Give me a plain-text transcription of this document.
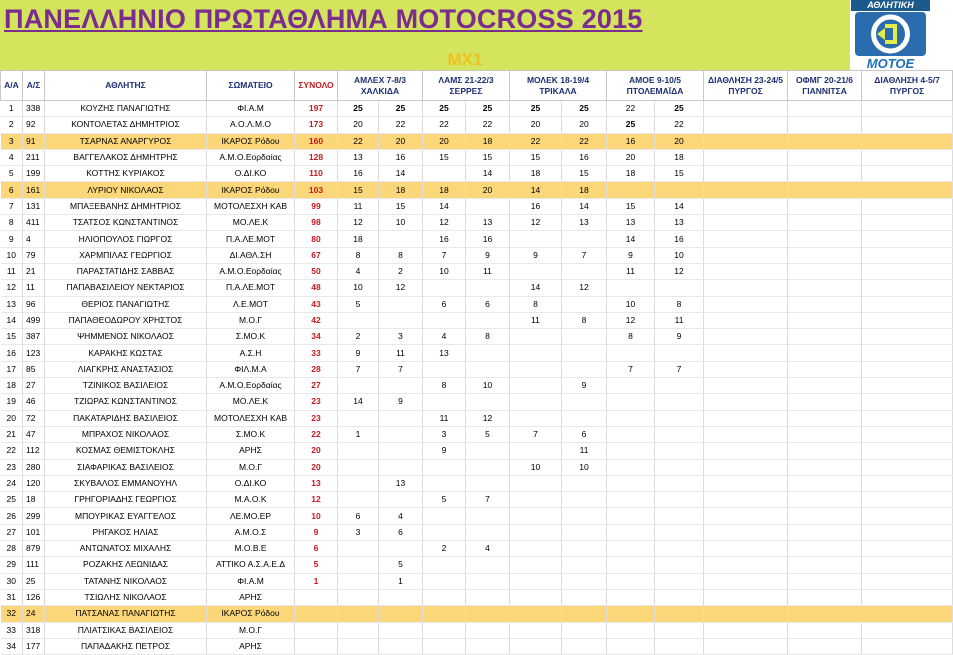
ΠΑΝΕΛΛΗΝΙΟ ΠΡΩΤΑΘΛΗΜΑ MOTOCROSS 2015
MX1
ΑΘΛΗΤΙΚΗ
ΜΟΤΟΕ
Α/Α	Α/Σ	ΑΘΛΗΤΗΣ	ΣΩΜΑΤΕΙΟ	ΣΥΝΟΛΟ	ΑΜΛΕΧ 7-8/3
ΧΑΛΚΙΔΑ		ΛΑΜΣ 21-22/3
ΣΕΡΡΕΣ		ΜΟΛΕΚ 18-19/4
ΤΡΙΚΑΛΑ		ΑΜΟΕ 9-10/5
ΠΤΟΛΕΜΑΪΔΑ		ΔΙΑΘΛΗΣΗ 23-24/5
ΠΥΡΓΟΣ	ΟΦΜΓ 20-21/6
ΓΙΑΝΝΙΤΣΑ	ΔΙΑΘΛΗΣΗ 4-5/7
ΠΥΡΓΟΣ
1	338	ΚΟΥΖΗΣ ΠΑΝΑΓΙΩΤΗΣ	ΦΙ.Α.Μ	197	25	25	25	25	25	25	22	25			
2	92	ΚΟΝΤΟΛΕΤΑΣ ΔΗΜΗΤΡΙΟΣ	Α.Ο.Λ.Μ.Ο	173	20	22	22	22	20	20	25	22			
3	91	ΤΣΑΡΝΑΣ ΑΝΑΡΓΥΡΟΣ	ΙΚΑΡΟΣ Ρόδου	160	22	20	20	18	22	22	16	20			
4	211	ΒΑΓΓΕΛΑΚΟΣ ΔΗΜΗΤΡΗΣ	Α.Μ.Ο.Εορδαίας	128	13	16	15	15	15	16	20	18			
5	199	ΚΟΤΤΗΣ ΚΥΡΙΑΚΟΣ	Ο.ΔΙ.ΚΟ	110	16	14		14	18	15	18	15			
6	161	ΛΥΡΙΟΥ ΝΙΚΟΛΑΟΣ	ΙΚΑΡΟΣ Ρόδου	103	15	18	18	20	14	18					
7	131	ΜΠΑΞΕΒΑΝΗΣ ΔΗΜΗΤΡΙΟΣ	ΜΟΤΟΛΕΣΧΗ ΚΑΒ	99	11	15	14		16	14	15	14			
8	411	ΤΣΑΤΣΟΣ ΚΩΝΣΤΑΝΤΙΝΟΣ	ΜΟ.ΛΕ.Κ	98	12	10	12	13	12	13	13	13			
9	4	ΗΛΙΟΠΟΥΛΟΣ ΓΙΩΡΓΟΣ	Π.Α.ΛΕ.ΜΟΤ	80	18		16	16			14	16			
10	79	ΧΑΡΜΠΙΛΑΣ ΓΕΩΡΓΙΟΣ	ΔΙ.ΑΘΛ.ΣΗ	67	8	8	7	9	9	7	9	10			
11	21	ΠΑΡΑΣΤΑΤΙΔΗΣ ΣΑΒΒΑΣ	Α.Μ.Ο.Εορδαίας	50	4	2	10	11			11	12			
12	11	ΠΑΠΑΒΑΣΙΛΕΙΟΥ ΝΕΚΤΑΡΙΟΣ	Π.Α.ΛΕ.ΜΟΤ	48	10	12			14	12					
13	96	ΘΕΡΙΟΣ ΠΑΝΑΓΙΩΤΗΣ	Λ.Ε.ΜΟΤ	43	5		6	6	8		10	8			
14	499	ΠΑΠΑΘΕΟΔΩΡΟΥ ΧΡΗΣΤΟΣ	Μ.Ο.Γ	42					11	8	12	11			
15	387	ΨΗΜΜΕΝΟΣ ΝΙΚΟΛΑΟΣ	Σ.ΜΟ.Κ	34	2	3	4	8			8	9			
16	123	ΚΑΡΑΚΗΣ ΚΩΣΤΑΣ	Α.Σ.Η	33	9	11	13								
17	85	ΛΙΑΓΚΡΗΣ ΑΝΑΣΤΑΣΙΟΣ	ΦΙΛ.Μ.Α	28	7	7					7	7			
18	27	ΤΖΙΝΙΚΟΣ ΒΑΣΙΛΕΙΟΣ	Α.Μ.Ο.Εορδαίας	27			8	10		9					
19	46	ΤΖΙΩΡΑΣ ΚΩΝΣΤΑΝΤΙΝΟΣ	ΜΟ.ΛΕ.Κ	23	14	9									
20	72	ΠΑΚΑΤΑΡΙΔΗΣ ΒΑΣΙΛΕΙΟΣ	ΜΟΤΟΛΕΣΧΗ ΚΑΒ	23			11	12							
21	47	ΜΠΡΑΧΟΣ ΝΙΚΟΛΑΟΣ	Σ.ΜΟ.Κ	22	1		3	5	7	6					
22	112	ΚΟΣΜΑΣ ΘΕΜΙΣΤΟΚΛΗΣ	ΑΡΗΣ	20			9			11					
23	280	ΣΙΑΦΑΡΙΚΑΣ ΒΑΣΙΛΕΙΟΣ	Μ.Ο.Γ	20					10	10					
24	120	ΣΚΥΒΑΛΟΣ ΕΜΜΑΝΟΥΗΛ	Ο.ΔΙ.ΚΟ	13		13									
25	18	ΓΡΗΓΟΡΙΑΔΗΣ ΓΕΩΡΓΙΟΣ	Μ.Α.Ο.Κ	12			5	7							
26	299	ΜΠΟΥΡΙΚΑΣ ΕΥΑΓΓΕΛΟΣ	ΛΕ.ΜΟ.ΕΡ	10	6	4									
27	101	ΡΗΓΑΚΟΣ ΗΛΙΑΣ	Α.Μ.Ο.Σ	9	3	6									
28	879	ΑΝΤΩΝΑΤΟΣ ΜΙΧΑΛΗΣ	Μ.Ο.Β.Ε	6			2	4							
29	111	ΡΟΖΑΚΗΣ ΛΕΩΝΙΔΑΣ	ΑΤΤΙΚΟ Α.Σ.Α.Ε.Δ	5		5									
30	25	ΤΑΤΑΝΗΣ ΝΙΚΟΛΑΟΣ	ΦΙ.Α.Μ	1		1									
31	126	ΤΣΙΩΛΗΣ ΝΙΚΟΛΑΟΣ	ΑΡΗΣ												
32	24	ΠΑΤΣΑΝΑΣ ΠΑΝΑΓΙΩΤΗΣ	ΙΚΑΡΟΣ Ρόδου												
33	318	ΠΛΙΑΤΣΙΚΑΣ ΒΑΣΙΛΕΙΟΣ	Μ.Ο.Γ												
34	177	ΠΑΠΑΔΑΚΗΣ ΠΕΤΡΟΣ	ΑΡΗΣ												
